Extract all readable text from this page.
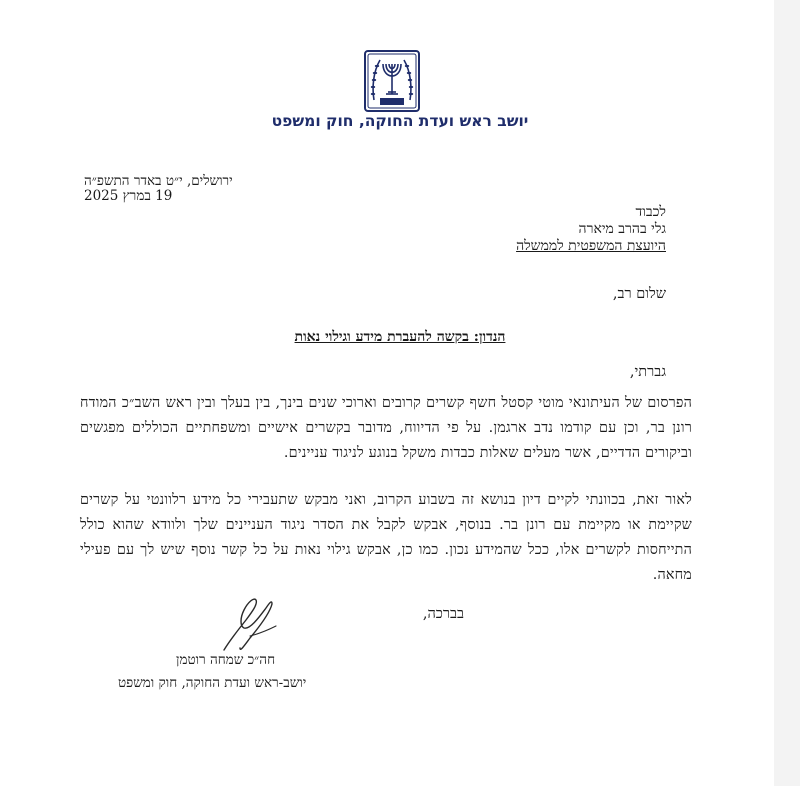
יושב ראש ועדת החוקה, חוק ומשפט
ירושלים, י״ט באדר התשפ״ה
19 במרץ 2025
לכבוד
גלי בהרב מיארה
היועצת המשפטית לממשלה
שלום רב,
הנדון: בקשה להעברת מידע וגילוי נאות
גברתי,
הפרסום של העיתונאי מוטי קסטל חשף קשרים קרובים וארוכי שנים בינך, בין בעלך ובין ראש השב״כ המודח רונן בר, וכן עם קודמו נדב ארגמן. על פי הדיווח, מדובר בקשרים אישיים ומשפחתיים הכוללים מפגשים וביקורים הדדיים, אשר מעלים שאלות כבדות משקל בנוגע לניגוד עניינים.
לאור זאת, בכוונתי לקיים דיון בנושא זה בשבוע הקרוב, ואני מבקש שתעבירי כל מידע רלוונטי על קשרים שקיימת או מקיימת עם רונן בר. בנוסף, אבקש לקבל את הסדר ניגוד העניינים שלך ולוודא שהוא כולל התייחסות לקשרים אלו, ככל שהמידע נכון. כמו כן, אבקש גילוי נאות על כל קשר נוסף שיש לך עם פעילי מחאה.
בברכה,
חה״כ שמחה רוטמן
יושב-ראש ועדת החוקה, חוק ומשפט
